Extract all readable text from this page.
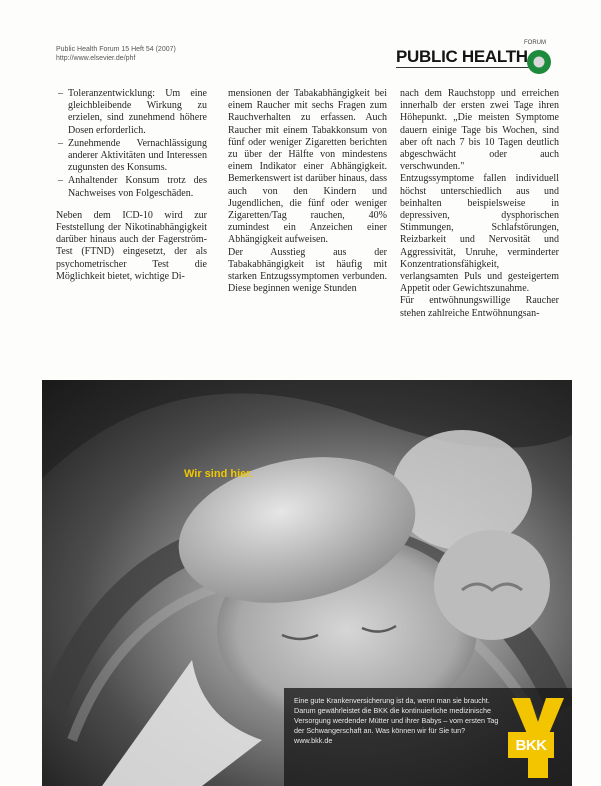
Public Health Forum 15 Heft 54 (2007)
http://www.elsevier.de/phf
FORUM
PUBLIC HEALTH
– Toleranzentwicklung: Um eine gleichbleibende Wirkung zu erzielen, sind zunehmend höhere Dosen erforderlich.
– Zunehmende Vernachlässigung anderer Aktivitäten und Interessen zugunsten des Konsums.
– Anhaltender Konsum trotz des Nachweises von Folgeschäden.

Neben dem ICD-10 wird zur Feststellung der Nikotinabhängigkeit darüber hinaus auch der Fagerström-Test (FTND) eingesetzt, der als psychometrischer Test die Möglichkeit bietet, wichtige Di-

mensionen der Tabakabhängigkeit bei einem Raucher mit sechs Fragen zum Rauchverhalten zu erfassen. Auch Raucher mit einem Tabakkonsum von fünf oder weniger Zigaretten berichten zu über der Hälfte von mindestens einem Indikator einer Abhängigkeit. Bemerkenswert ist darüber hinaus, dass auch von den Kindern und Jugendlichen, die fünf oder weniger Zigaretten/Tag rauchen, 40% zumindest ein Anzeichen einer Abhängigkeit aufweisen.

Der Ausstieg aus der Tabakabhängigkeit ist häufig mit starken Entzugssymptomen verbunden. Diese beginnen wenige Stunden

nach dem Rauchstopp und erreichen innerhalb der ersten zwei Tage ihren Höhepunkt. „Die meisten Symptome dauern einige Tage bis Wochen, sind aber oft nach 7 bis 10 Tagen deutlich abgeschwächt oder auch verschwunden."

Entzugssymptome fallen individuell höchst unterschiedlich aus und beinhalten beispielsweise in depressiven, dysphorischen Stimmungen, Schlafstörungen, Reizbarkeit und Nervosität und Aggressivität, Unruhe, verminderter Konzentrationsfähigkeit, verlangsamten Puls und gesteigertem Appetit oder Gewichtszunahme.

Für entwöhnungswillige Raucher stehen zahlreiche Entwöhnungsan-

Wir sind hier.
Eine gute Krankenversicherung ist da, wenn man sie braucht. Darum gewährleistet die BKK die kontinuierliche medizinische Versorgung werdender Mütter und ihrer Babys – vom ersten Tag der Schwangerschaft an. Was können wir für Sie tun? www.bkk.de	BKK
